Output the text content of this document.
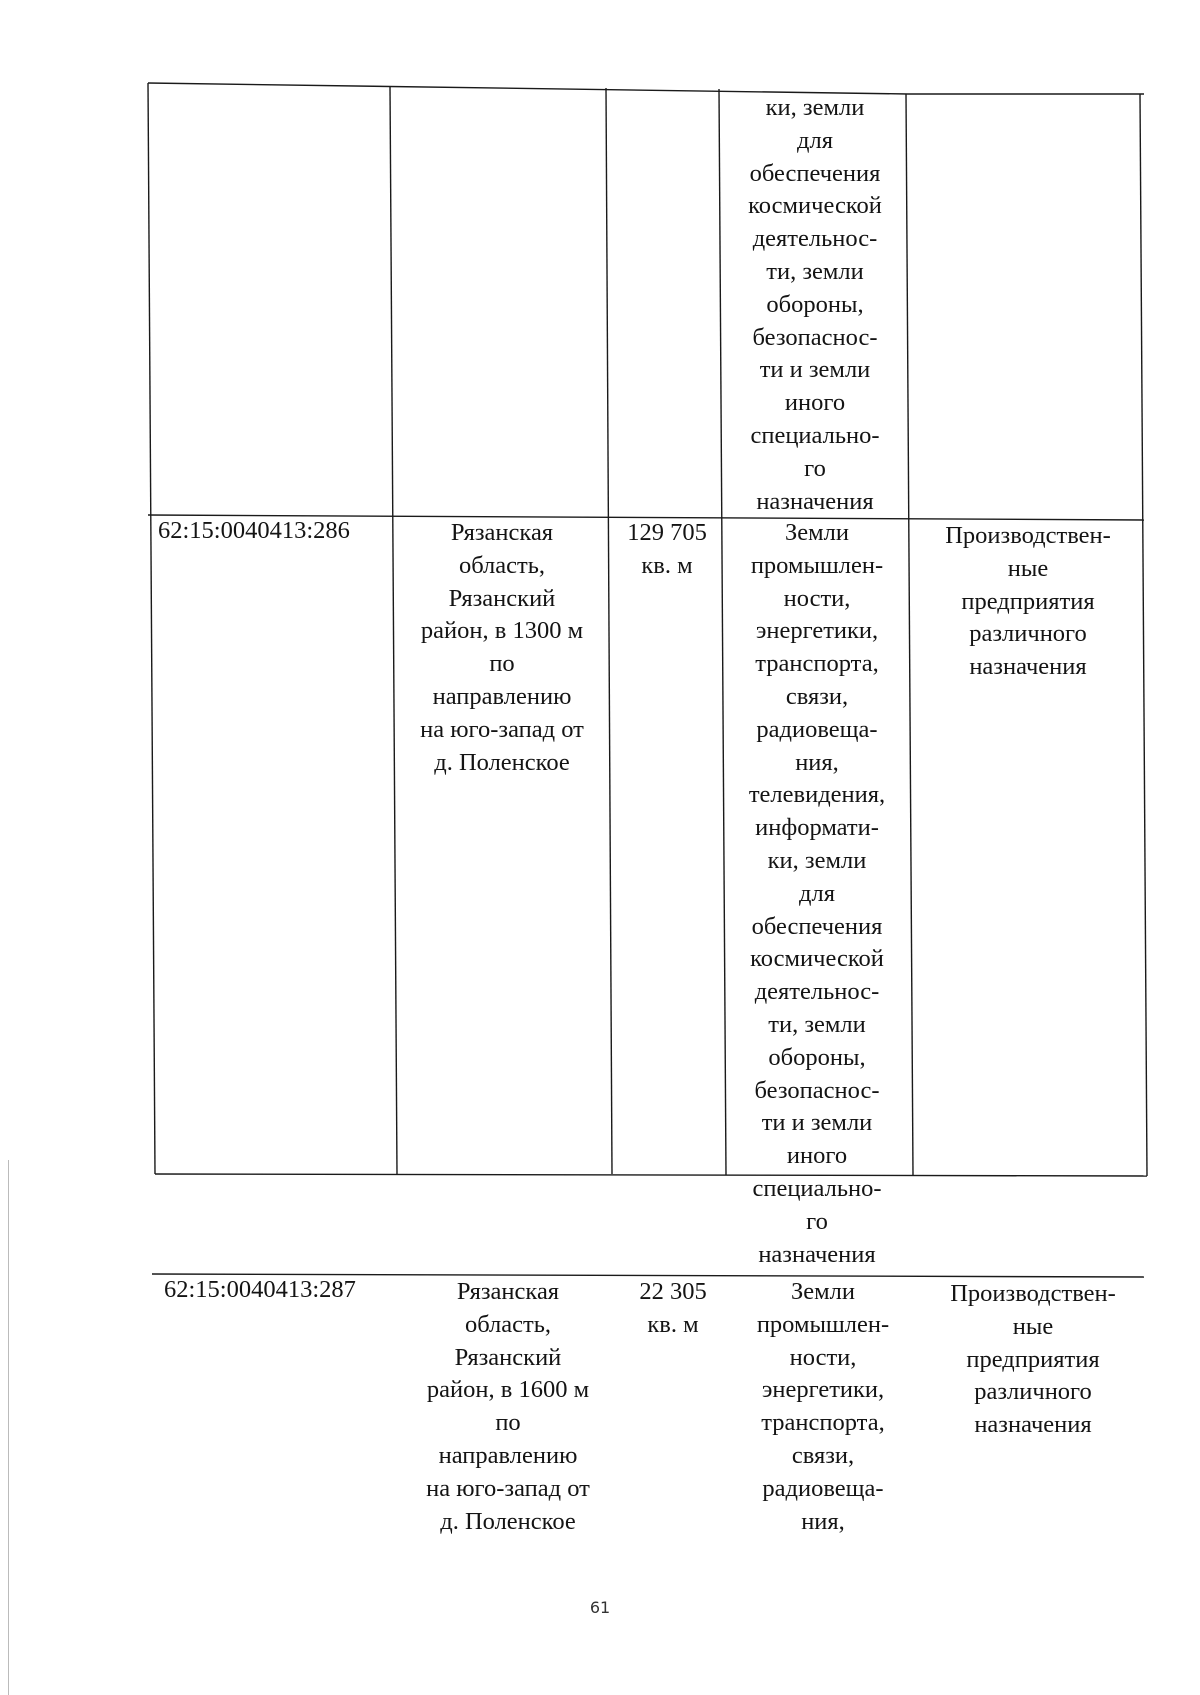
ки, земли
для
обеспечения
космической
деятельнос-
ти, земли
обороны,
безопаснос-
ти и земли
иного
специально-
го
назначения
62:15:0040413:286	Рязанская
область,
Рязанский
район, в 1300 м
по
направлению
на юго-запад от
д. Поленское
129 705
кв. м
Земли
промышлен-
ности,
энергетики,
транспорта,
связи,
радиовеща-
ния,
телевидения,
информати-
ки, земли
для
обеспечения
космической
деятельнос-
ти, земли
обороны,
безопаснос-
ти и земли
иного
специально-
го
назначения
Производствен-
ные
предприятия
различного
назначения
62:15:0040413:287	Рязанская
область,
Рязанский
район, в 1600 м
по
направлению
на юго-запад от
д. Поленское
22 305
кв. м
Земли
промышлен-
ности,
энергетики,
транспорта,
связи,
радиовеща-
ния,
Производствен-
ные
предприятия
различного
назначения
61
